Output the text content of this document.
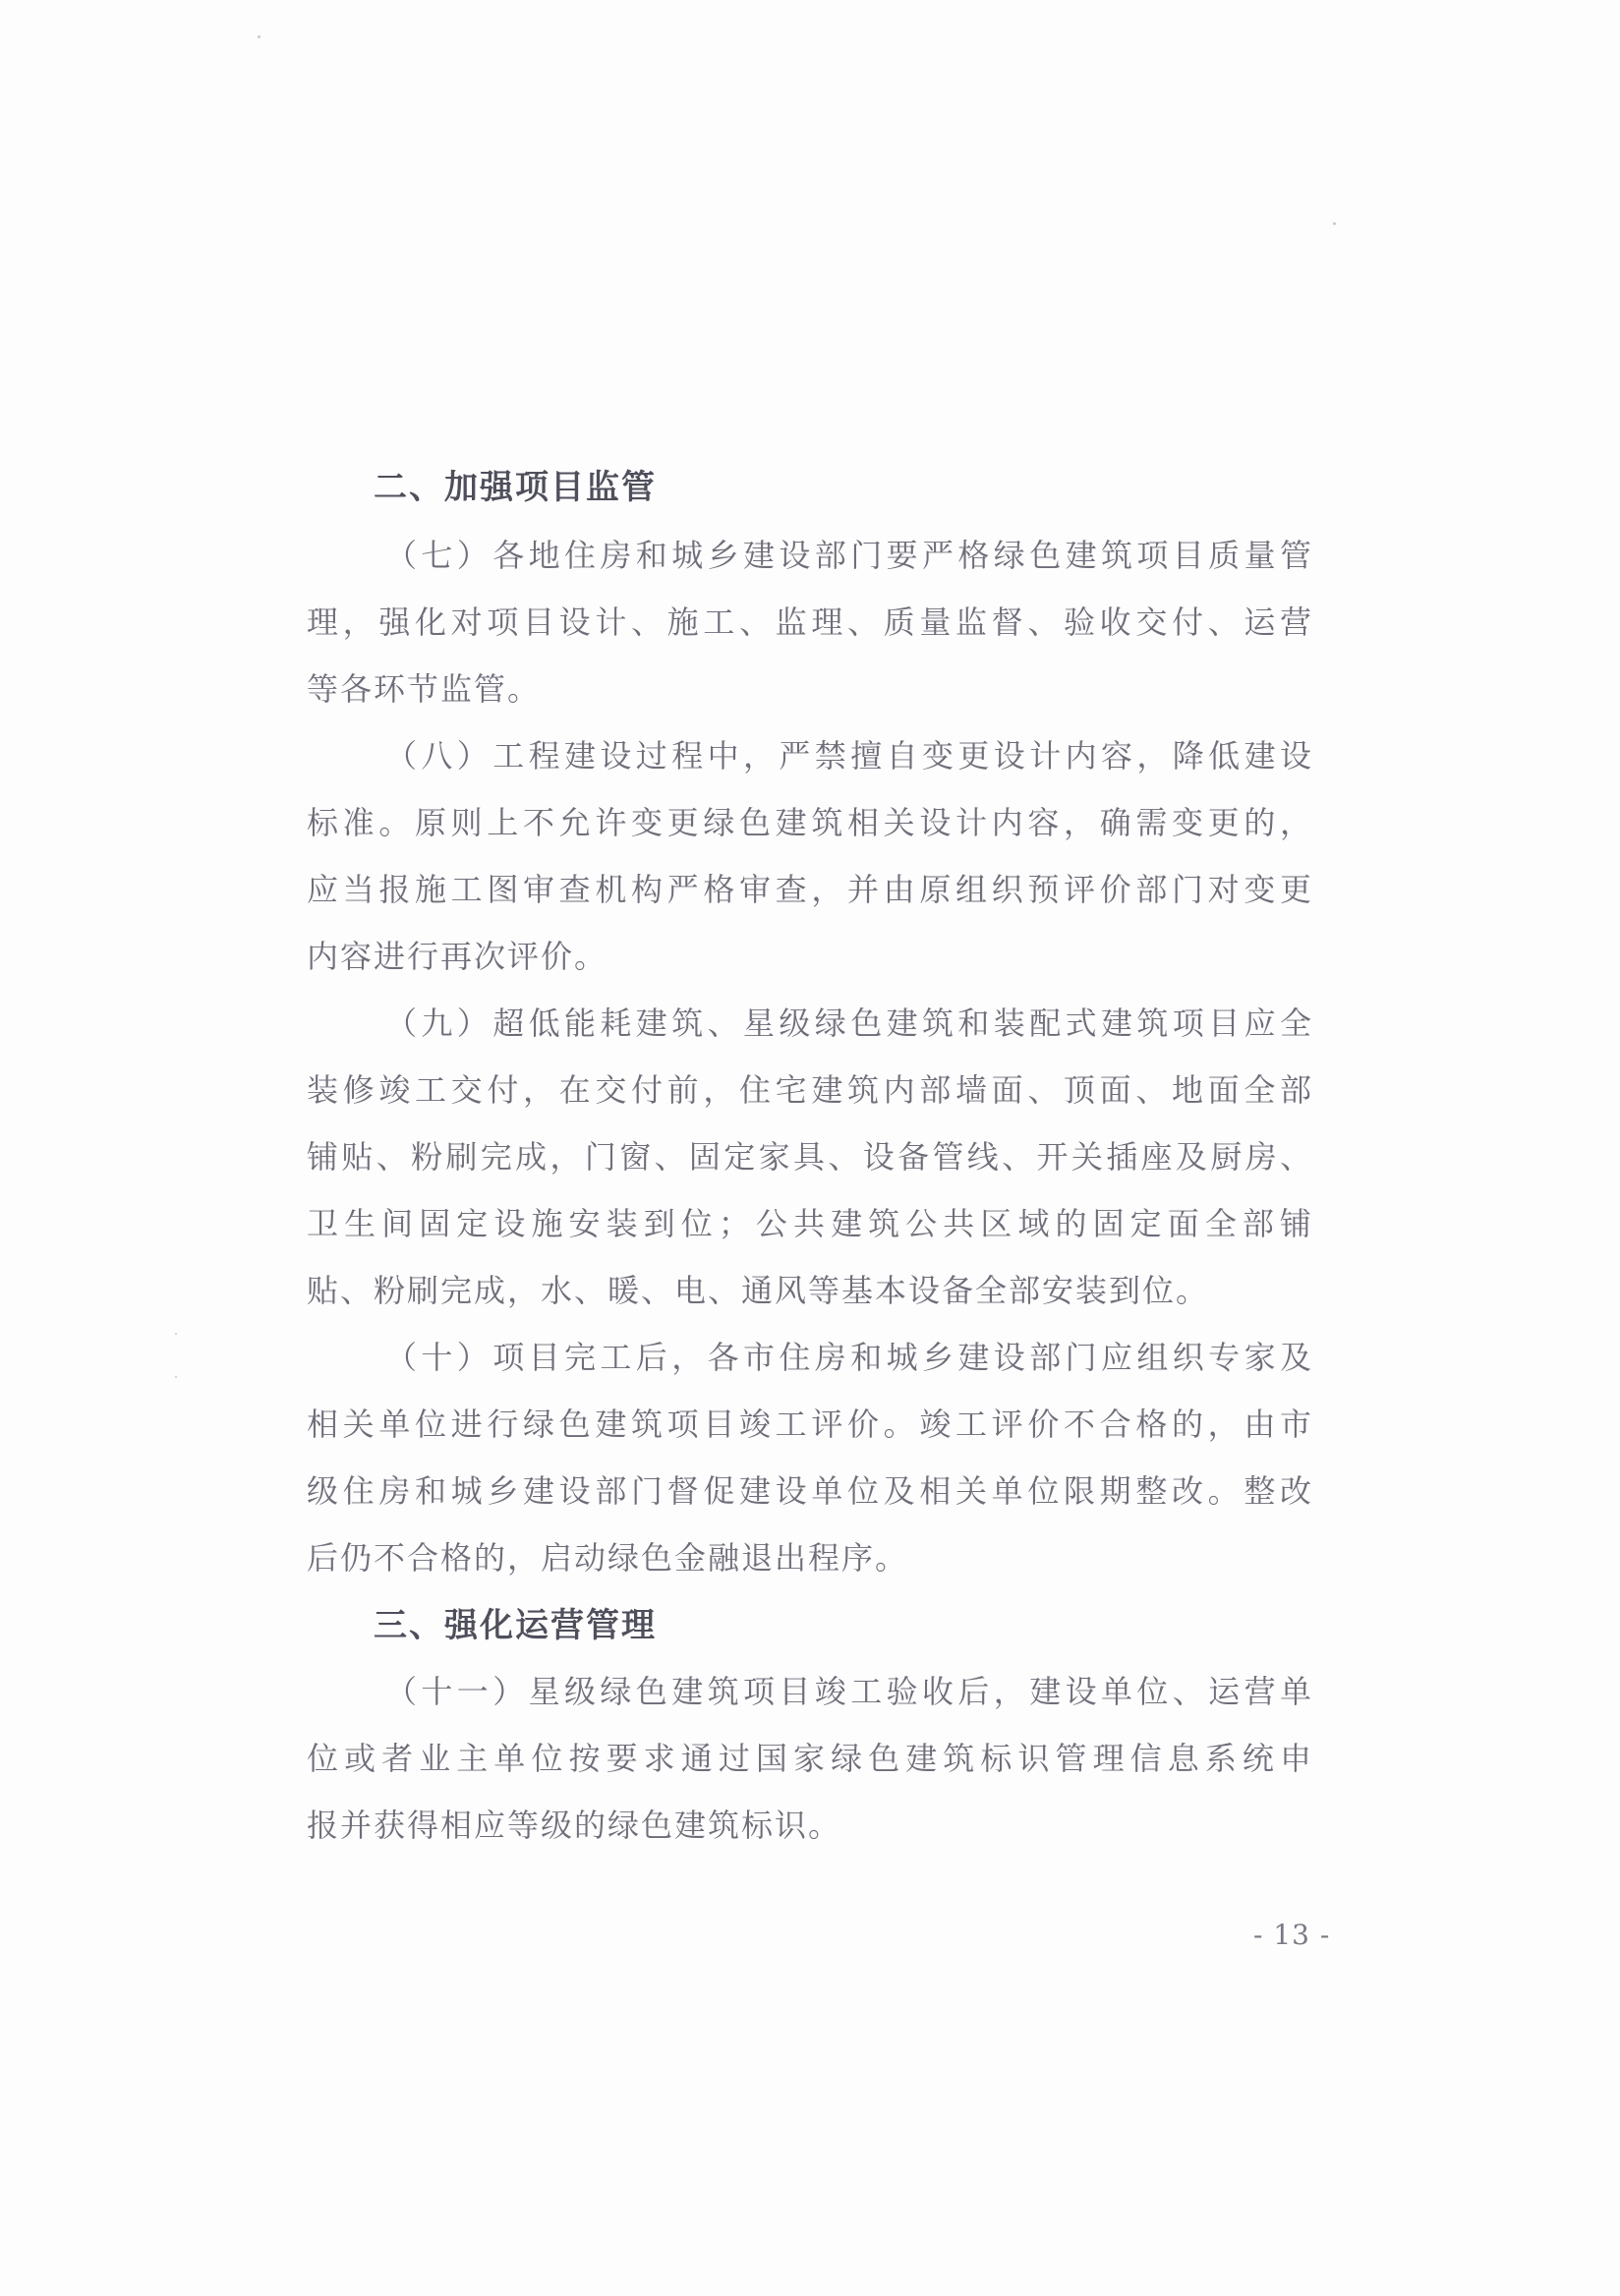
二、加强项目监管
（七）各地住房和城乡建设部门要严格绿色建筑项目质量管
理，强化对项目设计、施工、监理、质量监督、验收交付、运营
等各环节监管。
（八）工程建设过程中，严禁擅自变更设计内容，降低建设
标准。原则上不允许变更绿色建筑相关设计内容，确需变更的，
应当报施工图审查机构严格审查，并由原组织预评价部门对变更
内容进行再次评价。
（九）超低能耗建筑、星级绿色建筑和装配式建筑项目应全
装修竣工交付，在交付前，住宅建筑内部墙面、顶面、地面全部
铺贴、粉刷完成，门窗、固定家具、设备管线、开关插座及厨房、
卫生间固定设施安装到位；公共建筑公共区域的固定面全部铺
贴、粉刷完成，水、暖、电、通风等基本设备全部安装到位。
（十）项目完工后，各市住房和城乡建设部门应组织专家及
相关单位进行绿色建筑项目竣工评价。竣工评价不合格的，由市
级住房和城乡建设部门督促建设单位及相关单位限期整改。整改
后仍不合格的，启动绿色金融退出程序。
三、强化运营管理
（十一）星级绿色建筑项目竣工验收后，建设单位、运营单
位或者业主单位按要求通过国家绿色建筑标识管理信息系统申
报并获得相应等级的绿色建筑标识。
- 13 -
